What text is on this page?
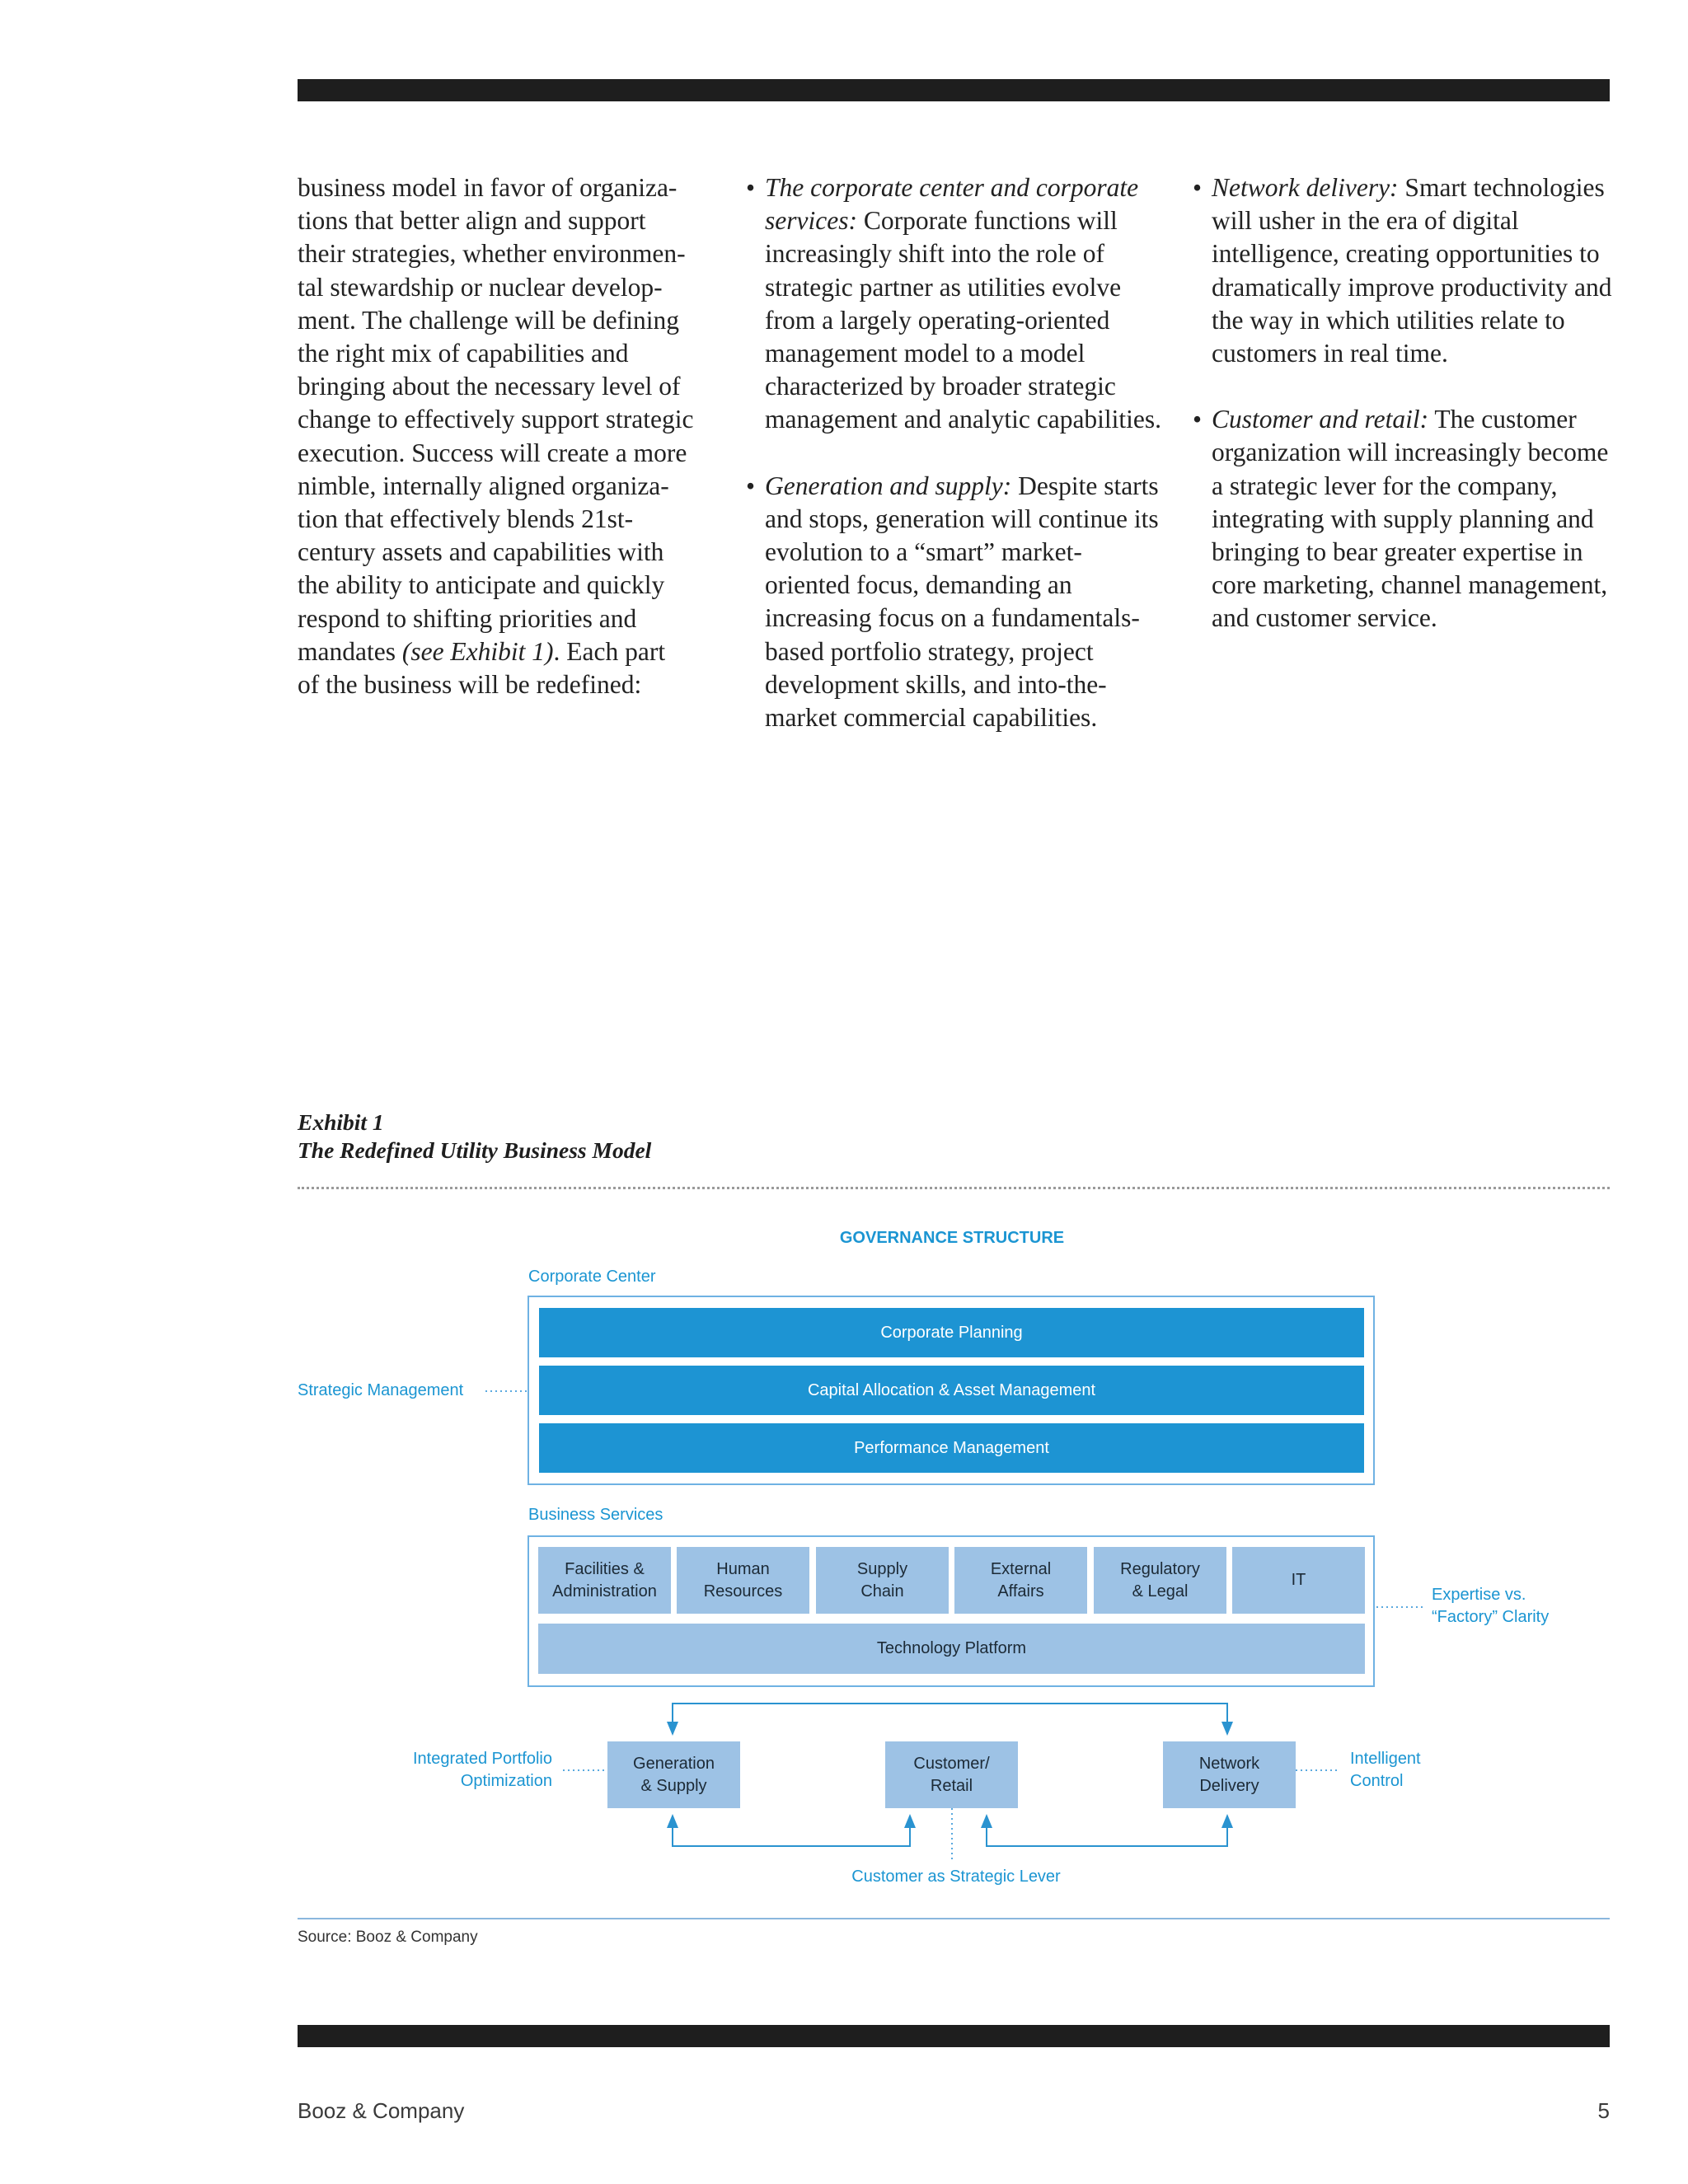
business model in favor of organiza-

tions that better align and support

their strategies, whether environmen-

tal stewardship or nuclear develop-

ment. The challenge will be defining

the right mix of capabilities and

bringing about the necessary level of

change to effectively support strategic

execution. Success will create a more

nimble, internally aligned organiza-

tion that effectively blends 21st-

century assets and capabilities with

the ability to anticipate and quickly

respond to shifting priorities and

mandates (see Exhibit 1). Each part

of the business will be redefined:

• The corporate center and corporate services: Corporate functions will increasingly shift into the role of strategic partner as utilities evolve from a largely operating-oriented management model to a model characterized by broader strategic management and analytic capabilities.
• Generation and supply: Despite starts and stops, generation will continue its evolution to a “smart” market-oriented focus, demanding an increasing focus on a fundamentals-based portfolio strategy, project development skills, and into-the-market commercial capabilities.
• Network delivery: Smart technologies will usher in the era of digital intelligence, creating opportunities to dramatically improve productivity and the way in which utilities relate to customers in real time.
• Customer and retail: The customer organization will increasingly become a strategic lever for the company, integrating with supply planning and bringing to bear greater expertise in core marketing, channel management, and customer service.
Exhibit 1
The Redefined Utility Business Model
GOVERNANCE STRUCTURE
Corporate Center
Corporate Planning
Capital Allocation & Asset Management
Performance Management
Strategic Management
Business Services
Facilities &
Administration
Human
Resources
Supply
Chain
External
Affairs
Regulatory
& Legal
IT
Technology Platform
Expertise vs.
“Factory” Clarity
Generation
& Supply
Customer/
Retail
Network
Delivery
Integrated Portfolio
Optimization
Intelligent
Control
Customer as Strategic Lever
Source: Booz & Company
Booz & Company	5
